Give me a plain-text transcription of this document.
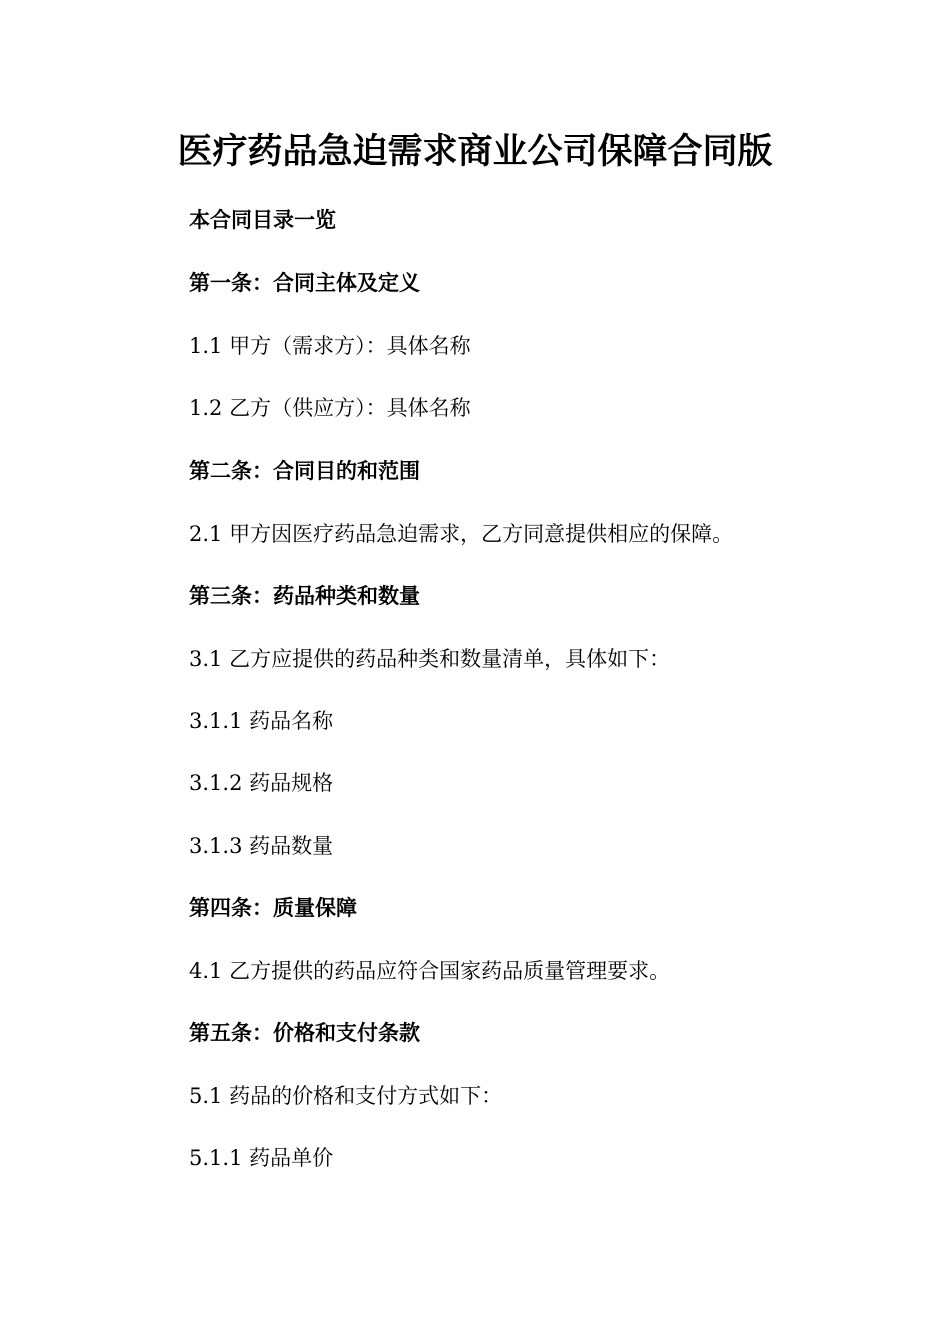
医疗药品急迫需求商业公司保障合同版
本合同目录一览
第一条：合同主体及定义
1.1 甲方（需求方）：具体名称
1.2 乙方（供应方）：具体名称
第二条：合同目的和范围
2.1 甲方因医疗药品急迫需求，乙方同意提供相应的保障。
第三条：药品种类和数量
3.1 乙方应提供的药品种类和数量清单，具体如下：
3.1.1 药品名称
3.1.2 药品规格
3.1.3 药品数量
第四条：质量保障
4.1 乙方提供的药品应符合国家药品质量管理要求。
第五条：价格和支付条款
5.1 药品的价格和支付方式如下：
5.1.1 药品单价
